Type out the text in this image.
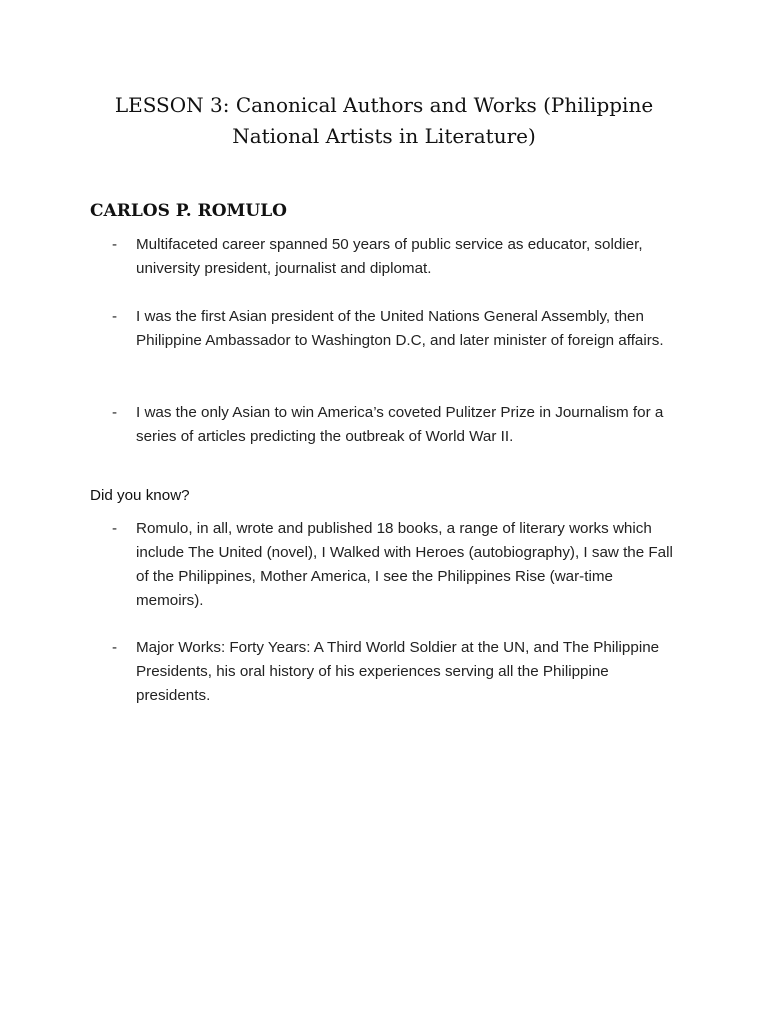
LESSON 3: Canonical Authors and Works (Philippine
National Artists in Literature)
CARLOS P. ROMULO
- Multifaceted career spanned 50 years of public service as educator, soldier, university president, journalist and diplomat.
- I was the first Asian president of the United Nations General Assembly, then Philippine Ambassador to Washington D.C, and later minister of foreign affairs.
- I was the only Asian to win America’s coveted Pulitzer Prize in Journalism for a series of articles predicting the outbreak of World War II.
Did you know?
- Romulo, in all, wrote and published 18 books, a range of literary works which include The United (novel), I Walked with Heroes (autobiography), I saw the Fall of the Philippines, Mother America, I see the Philippines Rise (war-time memoirs).
- Major Works: Forty Years: A Third World Soldier at the UN, and The Philippine Presidents, his oral history of his experiences serving all the Philippine presidents.
